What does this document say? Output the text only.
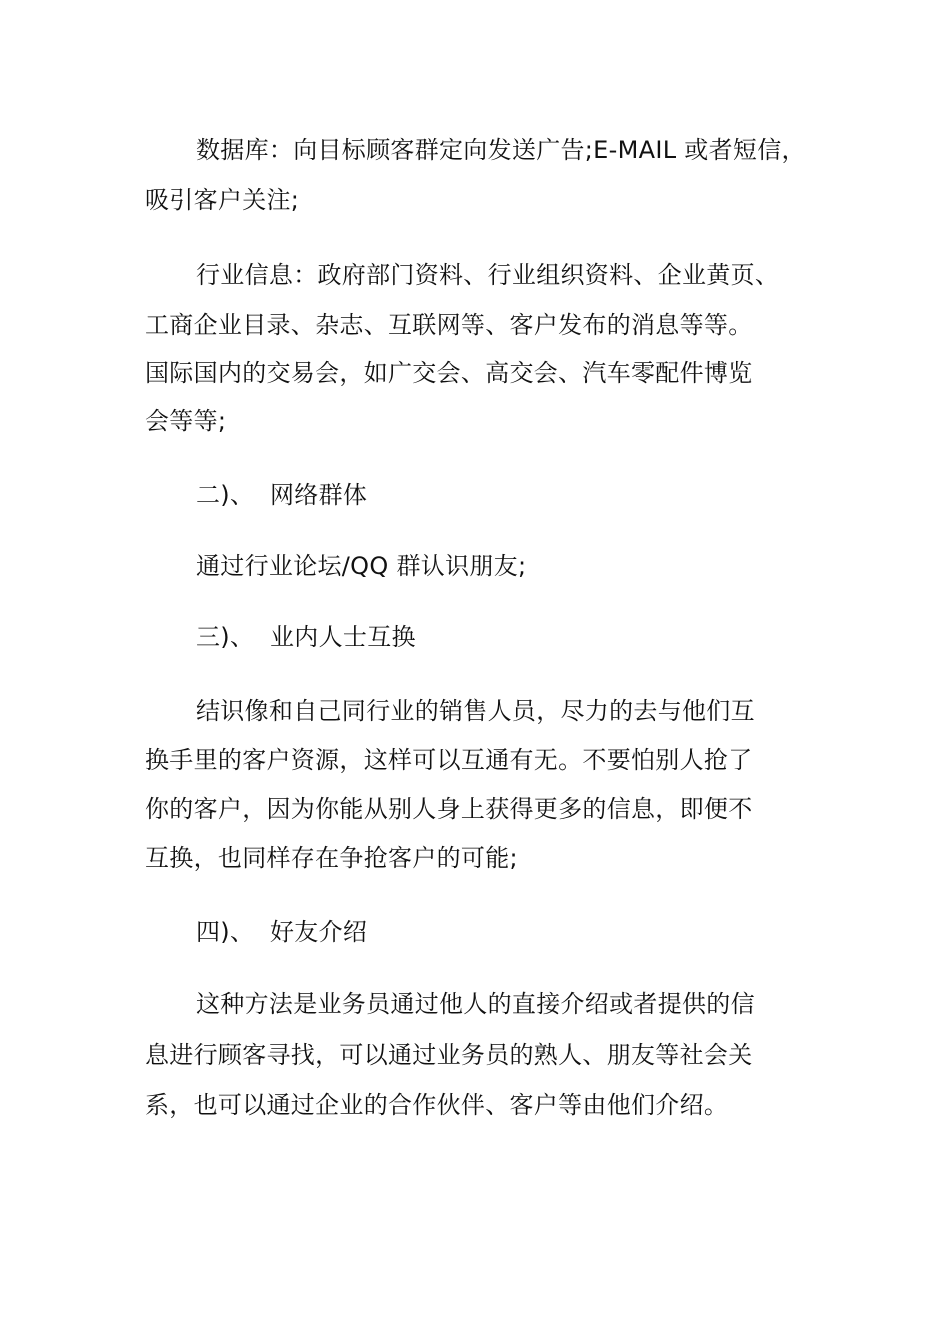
数据库：向目标顾客群定向发送广告;E-MAIL 或者短信，
吸引客户关注;
行业信息：政府部门资料、行业组织资料、企业黄页、
工商企业目录、杂志、互联网等、客户发布的消息等等。
国际国内的交易会，如广交会、高交会、汽车零配件博览
会等等;
二)、 网络群体
通过行业论坛/QQ 群认识朋友;
三)、 业内人士互换
结识像和自己同行业的销售人员，尽力的去与他们互
换手里的客户资源，这样可以互通有无。不要怕别人抢了
你的客户，因为你能从别人身上获得更多的信息，即便不
互换，也同样存在争抢客户的可能;
四)、 好友介绍
这种方法是业务员通过他人的直接介绍或者提供的信
息进行顾客寻找，可以通过业务员的熟人、朋友等社会关
系，也可以通过企业的合作伙伴、客户等由他们介绍。
